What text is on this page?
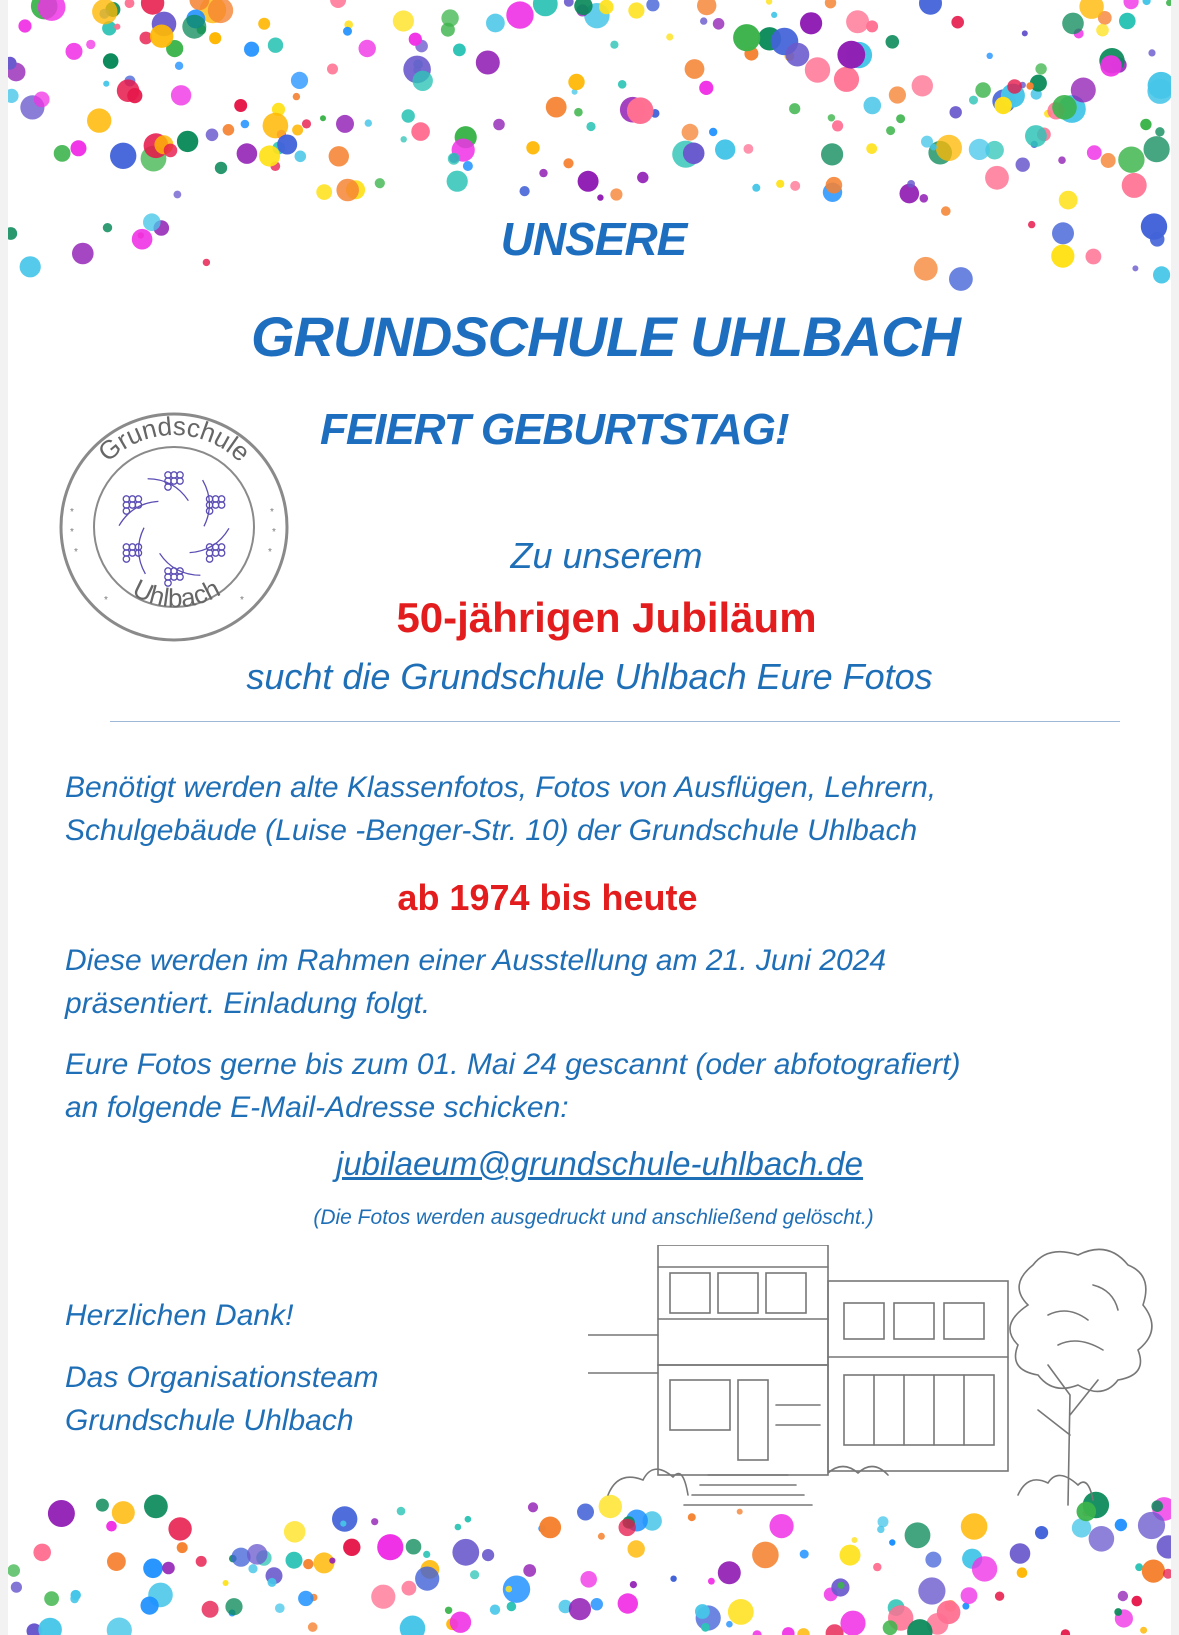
UNSERE
GRUNDSCHULE UHLBACH
FEIERT GEBURTSTAG!
Grundschule
Uhlbach
*
*
*
*
*
*
*	*
Zu unserem
50-jährigen Jubiläum
sucht die Grundschule Uhlbach Eure Fotos
Benötigt werden alte Klassenfotos, Fotos von Ausflügen, Lehrern,
Schulgebäude (Luise -Benger-Str. 10) der Grundschule Uhlbach
ab 1974 bis heute
Diese werden im Rahmen einer Ausstellung am 21. Juni 2024
präsentiert. Einladung folgt.
Eure Fotos gerne bis zum 01. Mai 24 gescannt (oder abfotografiert)
an folgende E-Mail-Adresse schicken:
jubilaeum@grundschule-uhlbach.de
(Die Fotos werden ausgedruckt und anschließend gelöscht.)
Herzlichen Dank!
Das Organisationsteam
Grundschule Uhlbach
